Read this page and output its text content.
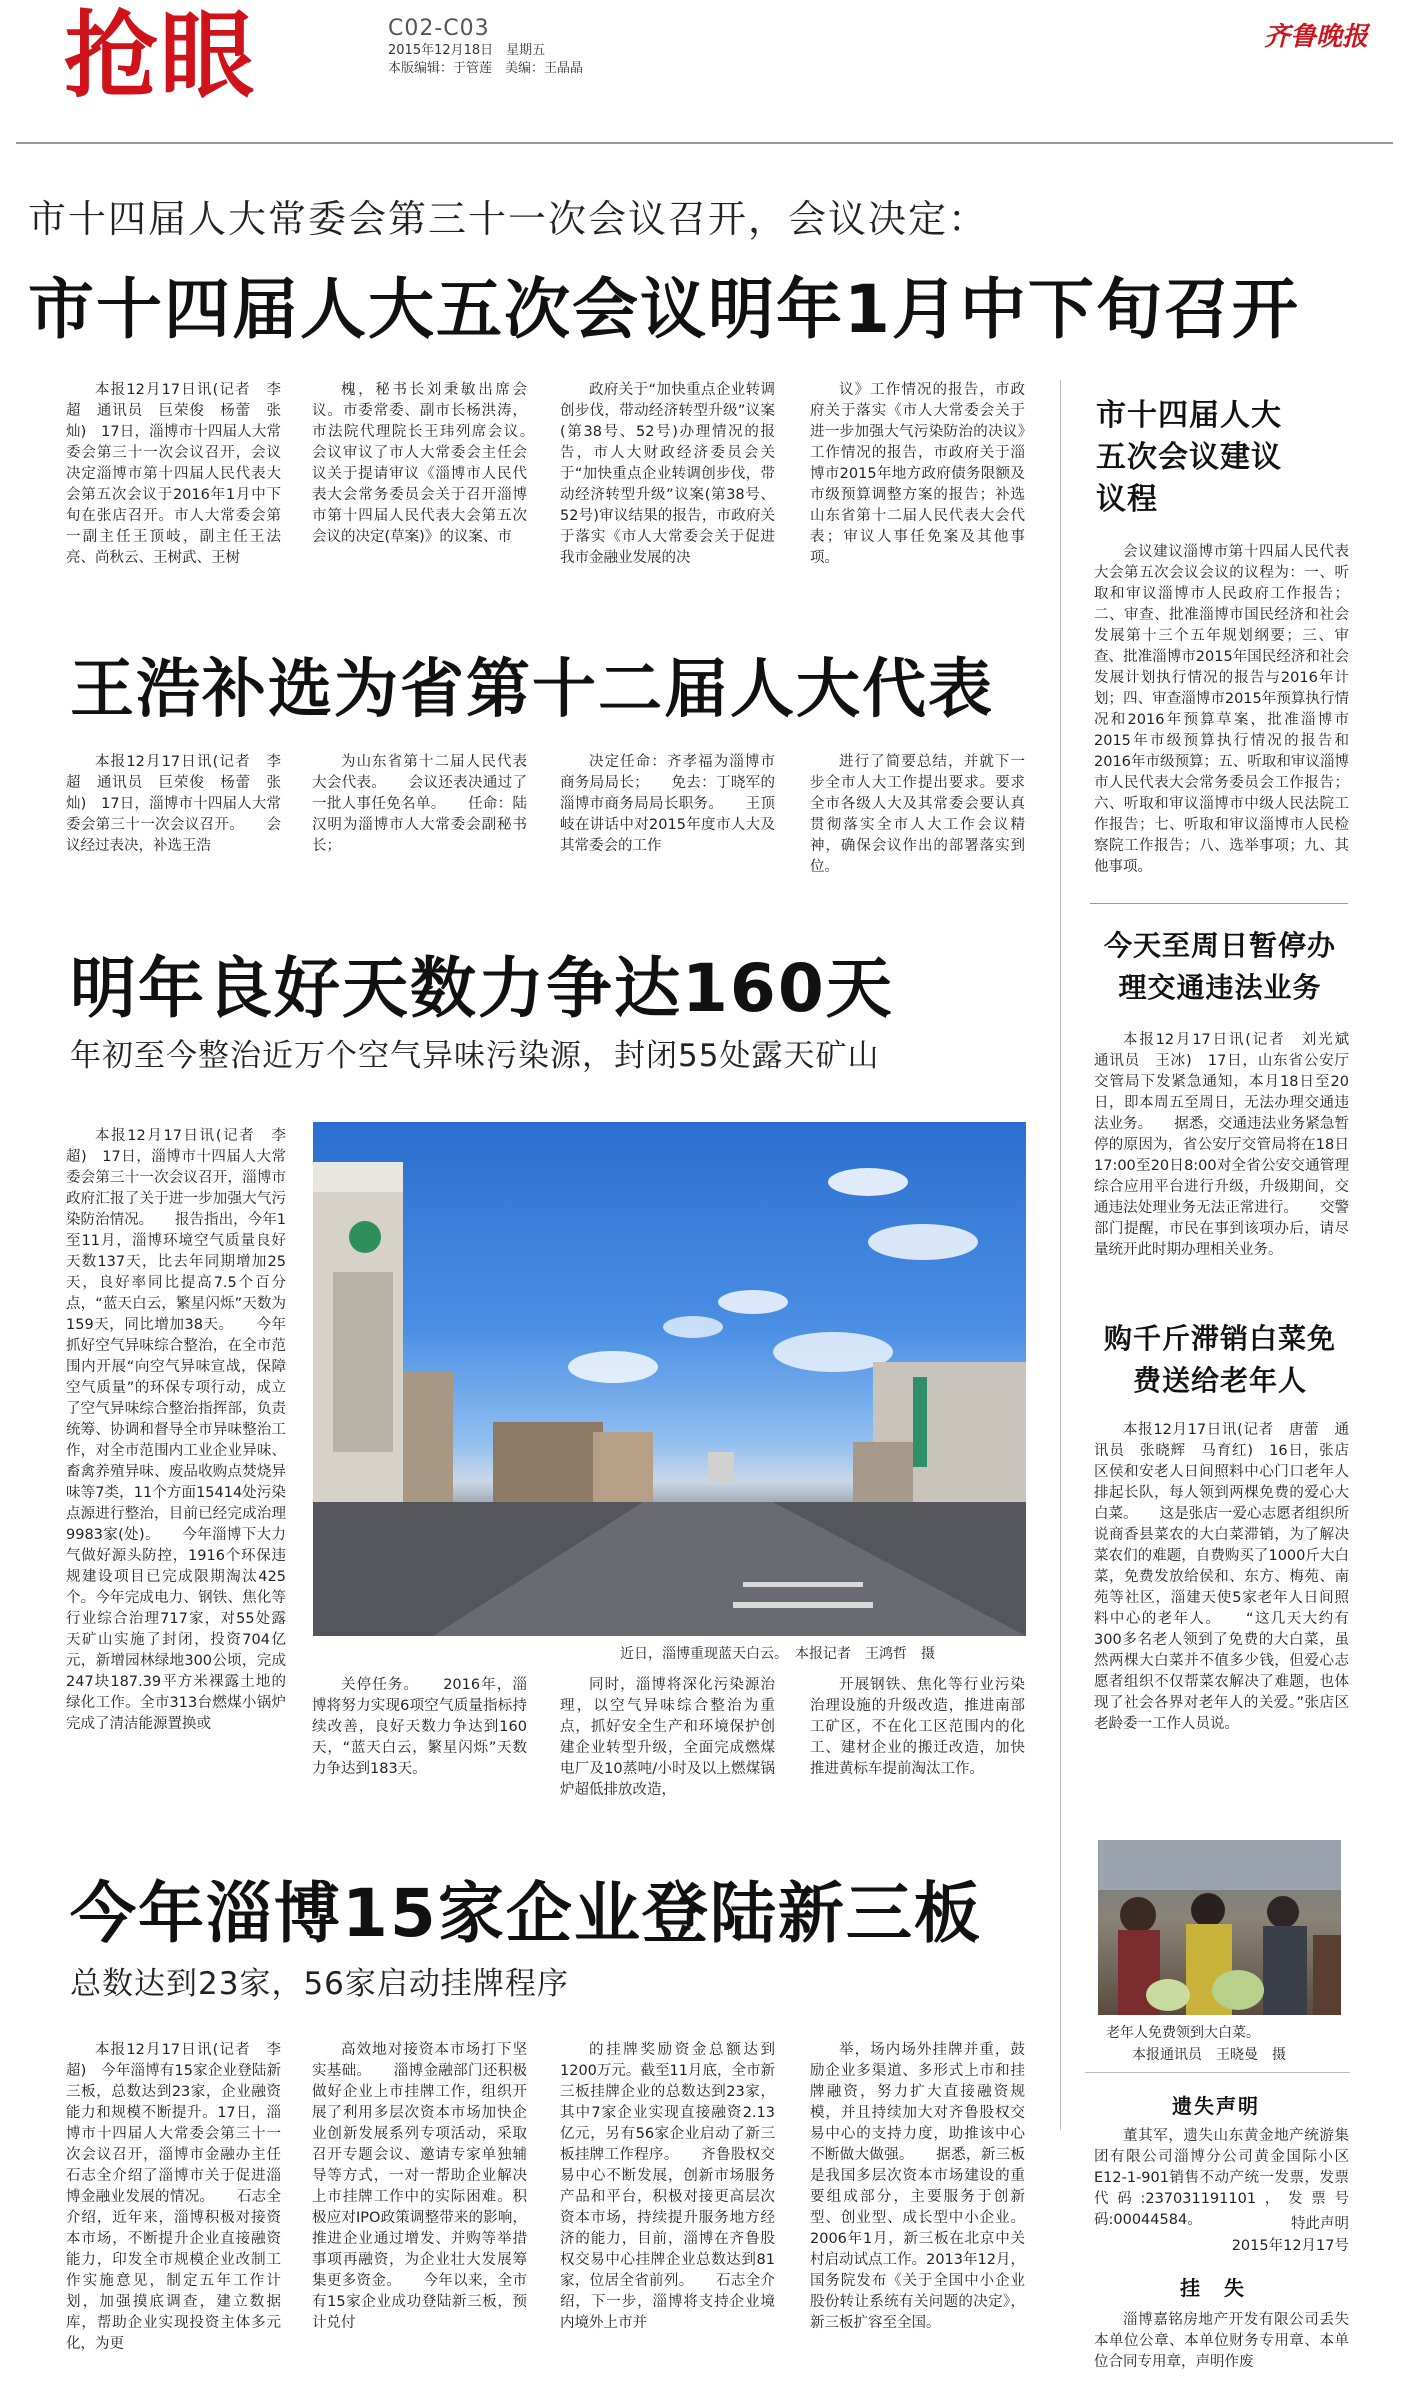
抢眼	C02-C03
2015年12月18日　星期五
本版编辑：于管莲　美编：王晶晶
齐鲁晚报
市十四届人大常委会第三十一次会议召开，会议决定：
市十四届人大五次会议明年1月中下旬召开

本报12月17日讯(记者　李超　通讯员　巨荣俊　杨蕾　张灿)　17日，淄博市十四届人大常委会第三十一次会议召开，会议决定淄博市第十四届人民代表大会第五次会议于2016年1月中下旬在张店召开。市人大常委会第一副主任王顶岐，副主任王法亮、尚秋云、王树武、王树

槐，秘书长刘秉敏出席会议。市委常委、副市长杨洪涛，市法院代理院长王玮列席会议。　　会议审议了市人大常委会主任会议关于提请审议《淄博市人民代表大会常务委员会关于召开淄博市第十四届人民代表大会第五次会议的决定(草案)》的议案、市

政府关于“加快重点企业转调创步伐，带动经济转型升级”议案(第38号、52号)办理情况的报告，市人大财政经济委员会关于“加快重点企业转调创步伐，带动经济转型升级”议案(第38号、52号)审议结果的报告，市政府关于落实《市人大常委会关于促进我市金融业发展的决

议》工作情况的报告，市政府关于落实《市人大常委会关于进一步加强大气污染防治的决议》工作情况的报告，市政府关于淄博市2015年地方政府债务限额及市级预算调整方案的报告；补选山东省第十二届人民代表大会代表；审议人事任免案及其他事项。

市十四届人大五次会议建议议程

会议建议淄博市第十四届人民代表大会第五次会议会议的议程为：一、听取和审议淄博市人民政府工作报告；二、审查、批准淄博市国民经济和社会发展第十三个五年规划纲要；三、审查、批准淄博市2015年国民经济和社会发展计划执行情况的报告与2016年计划；四、审查淄博市2015年预算执行情况和2016年预算草案，批准淄博市2015年市级预算执行情况的报告和2016年市级预算；五、听取和审议淄博市人民代表大会常务委员会工作报告；六、听取和审议淄博市中级人民法院工作报告；七、听取和审议淄博市人民检察院工作报告；八、选举事项；九、其他事项。

王浩补选为省第十二届人大代表

本报12月17日讯(记者　李超　通讯员　巨荣俊　杨蕾　张灿)　17日，淄博市十四届人大常委会第三十一次会议召开。　　会议经过表决，补选王浩

为山东省第十二届人民代表大会代表。　　会议还表决通过了一批人事任免名单。　　任命：陆汉明为淄博市人大常委会副秘书长；

决定任命：齐孝福为淄博市商务局局长；　　免去：丁晓军的淄博市商务局局长职务。　　王顶岐在讲话中对2015年度市人大及其常委会的工作

进行了简要总结，并就下一步全市人大工作提出要求。要求全市各级人大及其常委会要认真贯彻落实全市人大工作会议精神，确保会议作出的部署落实到位。

今天至周日暂停办理交通违法业务

本报12月17日讯(记者　刘光斌　通讯员　王冰)　17日，山东省公安厅交管局下发紧急通知，本月18日至20日，即本周五至周日，无法办理交通违法业务。　　据悉，交通违法业务紧急暂停的原因为，省公安厅交管局将在18日17:00至20日8:00对全省公安交通管理综合应用平台进行升级，升级期间，交通违法处理业务无法正常进行。　　交警部门提醒，市民在事到该项办后，请尽量统开此时期办理相关业务。

明年良好天数力争达160天
年初至今整治近万个空气异味污染源，封闭55处露天矿山

本报12月17日讯(记者　李超)　17日，淄博市十四届人大常委会第三十一次会议召开，淄博市政府汇报了关于进一步加强大气污染防治情况。　　报告指出，今年1至11月，淄博环境空气质量良好天数137天，比去年同期增加25天，良好率同比提高7.5个百分点，“蓝天白云，繁星闪烁”天数为159天，同比增加38天。　　今年抓好空气异味综合整治，在全市范围内开展“向空气异味宣战，保障空气质量”的环保专项行动，成立了空气异味综合整治指挥部，负责统筹、协调和督导全市异味整治工作，对全市范围内工业企业异味、畜禽养殖异味、废品收购点焚烧异味等7类，11个方面15414处污染点源进行整治，目前已经完成治理9983家(处)。　　今年淄博下大力气做好源头防控，1916个环保违规建设项目已完成限期淘汰425个。今年完成电力、钢铁、焦化等行业综合治理717家，对55处露天矿山实施了封闭，投资704亿元，新增园林绿地300公顷，完成247块187.39平方米裸露土地的绿化工作。全市313台燃煤小锅炉完成了清洁能源置换或

近日，淄博重现蓝天白云。　本报记者　王鸿哲　摄

关停任务。　　2016年，淄博将努力实现6项空气质量指标持续改善，良好天数力争达到160天，“蓝天白云，繁星闪烁”天数力争达到183天。

同时，淄博将深化污染源治理，以空气异味综合整治为重点，抓好安全生产和环境保护创建企业转型升级，全面完成燃煤电厂及10蒸吨/小时及以上燃煤锅炉超低排放改造，

开展钢铁、焦化等行业污染治理设施的升级改造，推进南部工矿区，不在化工区范围内的化工、建材企业的搬迁改造，加快推进黄标车提前淘汰工作。

购千斤滞销白菜免费送给老年人

本报12月17日讯(记者　唐蕾　通讯员　张晓辉　马育红)　16日，张店区侯和安老人日间照料中心门口老年人排起长队，每人领到两棵免费的爱心大白菜。　　这是张店一爱心志愿者组织所说商香县菜农的大白菜滞销，为了解决菜农们的难题，自费购买了1000斤大白菜，免费发放给侯和、东方、梅苑、南苑等社区，淄建天使5家老年人日间照料中心的老年人。　　“这几天大约有300多名老人领到了免费的大白菜，虽然两棵大白菜并不值多少钱，但爱心志愿者组织不仅帮菜农解决了难题，也体现了社会各界对老年人的关爱。”张店区老龄委一工作人员说。

老年人免费领到大白菜。
本报通讯员　王晓曼　摄
今年淄博15家企业登陆新三板
总数达到23家，56家启动挂牌程序

本报12月17日讯(记者　李超)　今年淄博有15家企业登陆新三板，总数达到23家，企业融资能力和规模不断提升。17日，淄博市十四届人大常委会第三十一次会议召开，淄博市金融办主任石志全介绍了淄博市关于促进淄博金融业发展的情况。　　石志全介绍，近年来，淄博积极对接资本市场，不断提升企业直接融资能力，印发全市规模企业改制工作实施意见，制定五年工作计划，加强摸底调查，建立数据库，帮助企业实现投资主体多元化，为更

高效地对接资本市场打下坚实基础。　　淄博金融部门还积极做好企业上市挂牌工作，组织开展了利用多层次资本市场加快企业创新发展系列专项活动，采取召开专题会议、邀请专家单独辅导等方式，一对一帮助企业解决上市挂牌工作中的实际困难。积极应对IPO政策调整带来的影响，推进企业通过增发、并购等举措事项再融资，为企业壮大发展筹集更多资金。　　今年以来，全市有15家企业成功登陆新三板，预计兑付

的挂牌奖励资金总额达到1200万元。截至11月底，全市新三板挂牌企业的总数达到23家，其中7家企业实现直接融资2.13亿元，另有56家企业启动了新三板挂牌工作程序。　　齐鲁股权交易中心不断发展，创新市场服务产品和平台，积极对接更高层次资本市场，持续提升服务地方经济的能力，目前，淄博在齐鲁股权交易中心挂牌企业总数达到81家，位居全省前列。　　石志全介绍，下一步，淄博将支持企业境内境外上市并

举，场内场外挂牌并重，鼓励企业多渠道、多形式上市和挂牌融资，努力扩大直接融资规模，并且持续加大对齐鲁股权交易中心的支持力度，助推该中心不断做大做强。　　据悉，新三板是我国多层次资本市场建设的重要组成部分，主要服务于创新型、创业型、成长型中小企业。2006年1月，新三板在北京中关村启动试点工作。2013年12月，国务院发布《关于全国中小企业股份转让系统有关问题的决定》，新三板扩容至全国。

遗失声明

董其军，遗失山东黄金地产统游集团有限公司淄博分公司黄金国际小区E12-1-901销售不动产统一发票，发票代码:237031191101，发票号码:00044584。	特此声明
2015年12月17号
挂　失

淄博嘉铭房地产开发有限公司丢失本单位公章、本单位财务专用章、本单位合同专用章，声明作废
